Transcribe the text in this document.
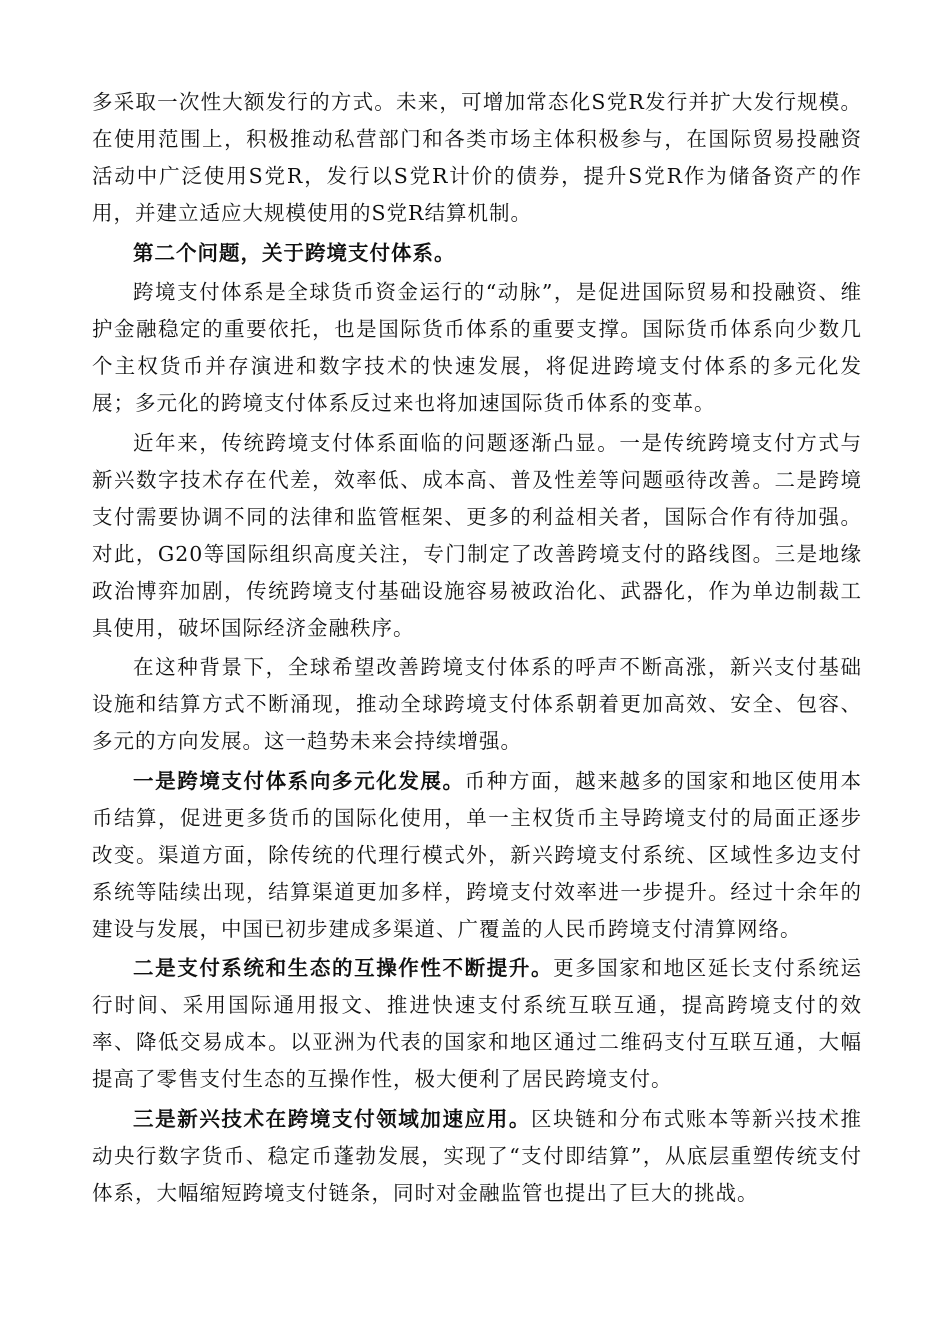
多采取一次性大额发行的方式。未来，可增加常态化S党R发行并扩大发行规模。在使用范围上，积极推动私营部门和各类市场主体积极参与，在国际贸易投融资活动中广泛使用S党R，发行以S党R计价的债券，提升S党R作为储备资产的作用，并建立适应大规模使用的S党R结算机制。

第二个问题，关于跨境支付体系。

跨境支付体系是全球货币资金运行的“动脉”，是促进国际贸易和投融资、维护金融稳定的重要依托，也是国际货币体系的重要支撑。国际货币体系向少数几个主权货币并存演进和数字技术的快速发展，将促进跨境支付体系的多元化发展；多元化的跨境支付体系反过来也将加速国际货币体系的变革。

近年来，传统跨境支付体系面临的问题逐渐凸显。一是传统跨境支付方式与新兴数字技术存在代差，效率低、成本高、普及性差等问题亟待改善。二是跨境支付需要协调不同的法律和监管框架、更多的利益相关者，国际合作有待加强。对此，G20等国际组织高度关注，专门制定了改善跨境支付的路线图。三是地缘政治博弈加剧，传统跨境支付基础设施容易被政治化、武器化，作为单边制裁工具使用，破坏国际经济金融秩序。

在这种背景下，全球希望改善跨境支付体系的呼声不断高涨，新兴支付基础设施和结算方式不断涌现，推动全球跨境支付体系朝着更加高效、安全、包容、多元的方向发展。这一趋势未来会持续增强。

一是跨境支付体系向多元化发展。币种方面，越来越多的国家和地区使用本币结算，促进更多货币的国际化使用，单一主权货币主导跨境支付的局面正逐步改变。渠道方面，除传统的代理行模式外，新兴跨境支付系统、区域性多边支付系统等陆续出现，结算渠道更加多样，跨境支付效率进一步提升。经过十余年的建设与发展，中国已初步建成多渠道、广覆盖的人民币跨境支付清算网络。

二是支付系统和生态的互操作性不断提升。更多国家和地区延长支付系统运行时间、采用国际通用报文、推进快速支付系统互联互通，提高跨境支付的效率、降低交易成本。以亚洲为代表的国家和地区通过二维码支付互联互通，大幅提高了零售支付生态的互操作性，极大便利了居民跨境支付。

三是新兴技术在跨境支付领域加速应用。区块链和分布式账本等新兴技术推动央行数字货币、稳定币蓬勃发展，实现了“支付即结算”，从底层重塑传统支付体系，大幅缩短跨境支付链条，同时对金融监管也提出了巨大的挑战。
